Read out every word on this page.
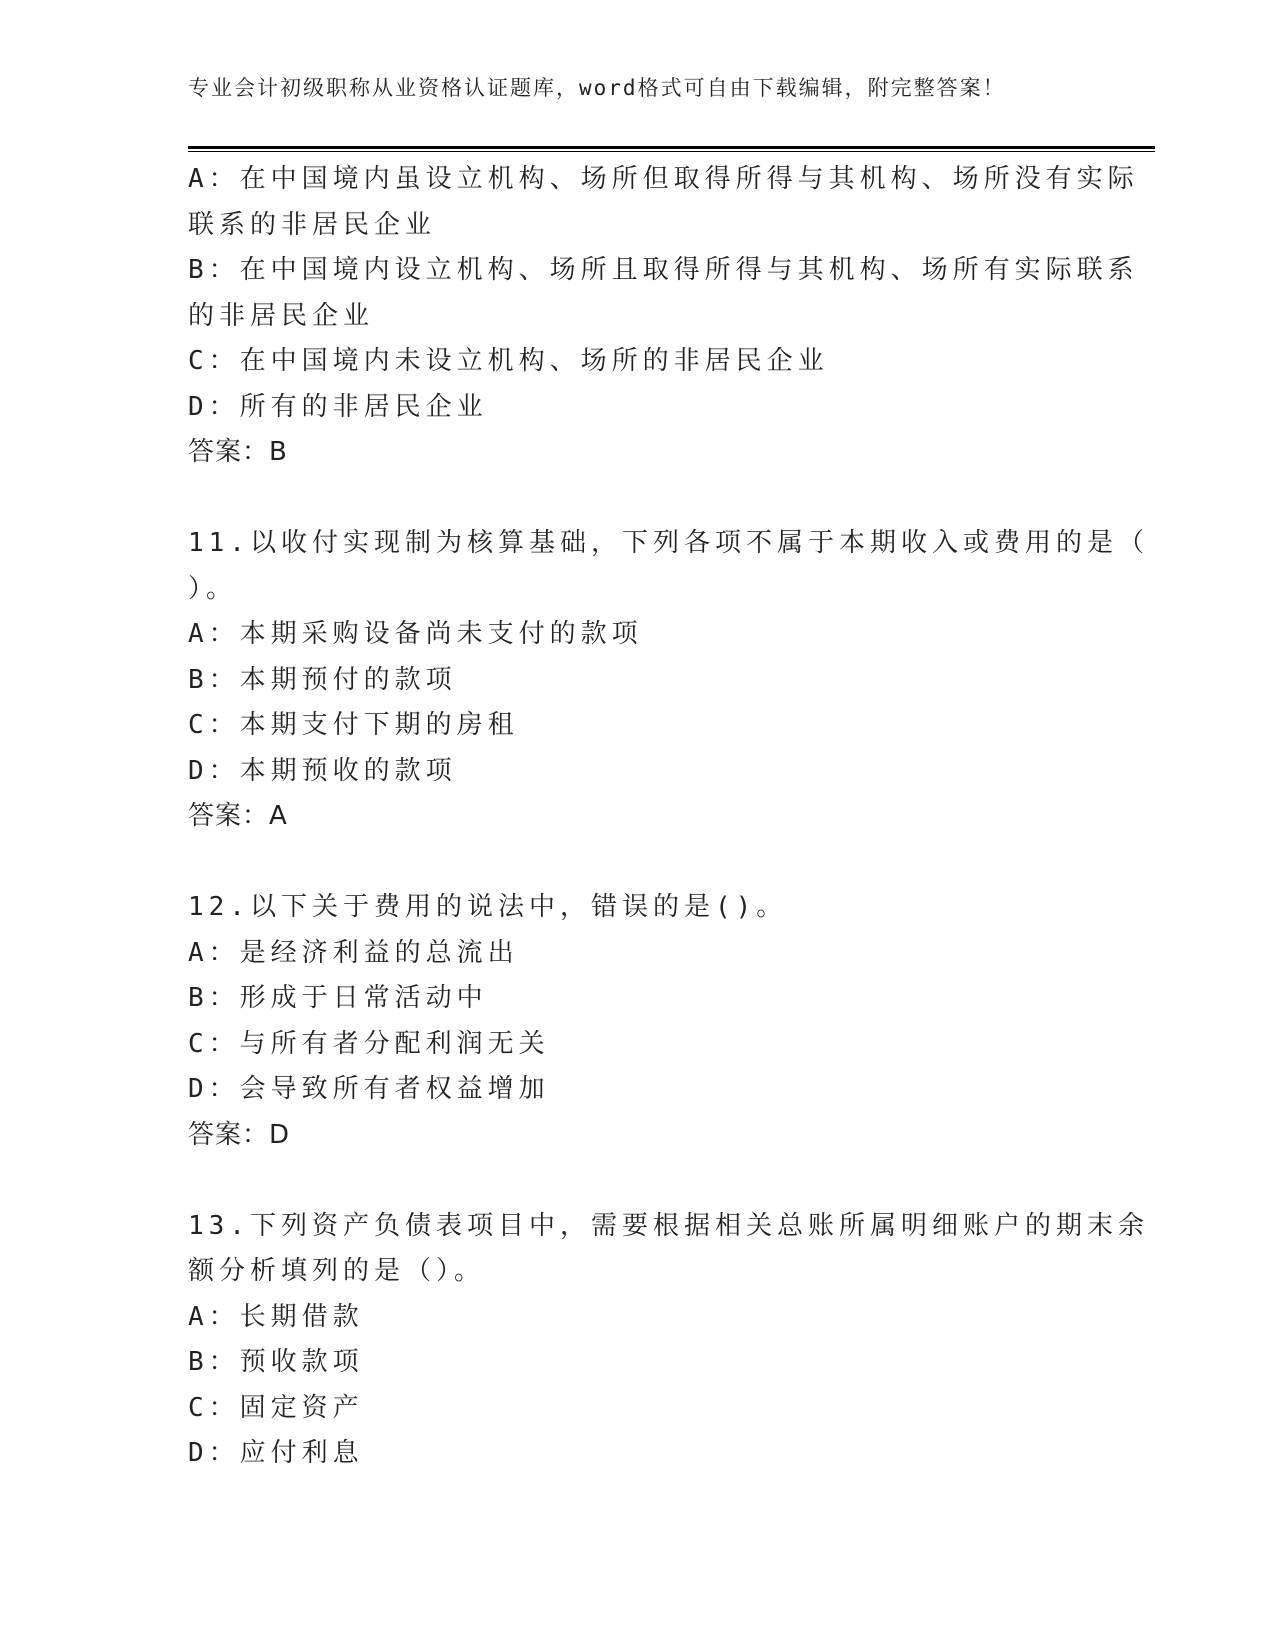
专业会计初级职称从业资格认证题库，word格式可自由下载编辑，附完整答案！
A：在中国境内虽设立机构、场所但取得所得与其机构、场所没有实际
联系的非居民企业
B：在中国境内设立机构、场所且取得所得与其机构、场所有实际联系
的非居民企业
C：在中国境内未设立机构、场所的非居民企业
D：所有的非居民企业
答案：B
11.以收付实现制为核算基础，下列各项不属于本期收入或费用的是（
）。
A：本期采购设备尚未支付的款项
B：本期预付的款项
C：本期支付下期的房租
D：本期预收的款项
答案：A
12.以下关于费用的说法中，错误的是()。
A：是经济利益的总流出
B：形成于日常活动中
C：与所有者分配利润无关
D：会导致所有者权益增加
答案：D
13.下列资产负债表项目中，需要根据相关总账所属明细账户的期末余
额分析填列的是（）。
A：长期借款
B：预收款项
C：固定资产
D：应付利息
